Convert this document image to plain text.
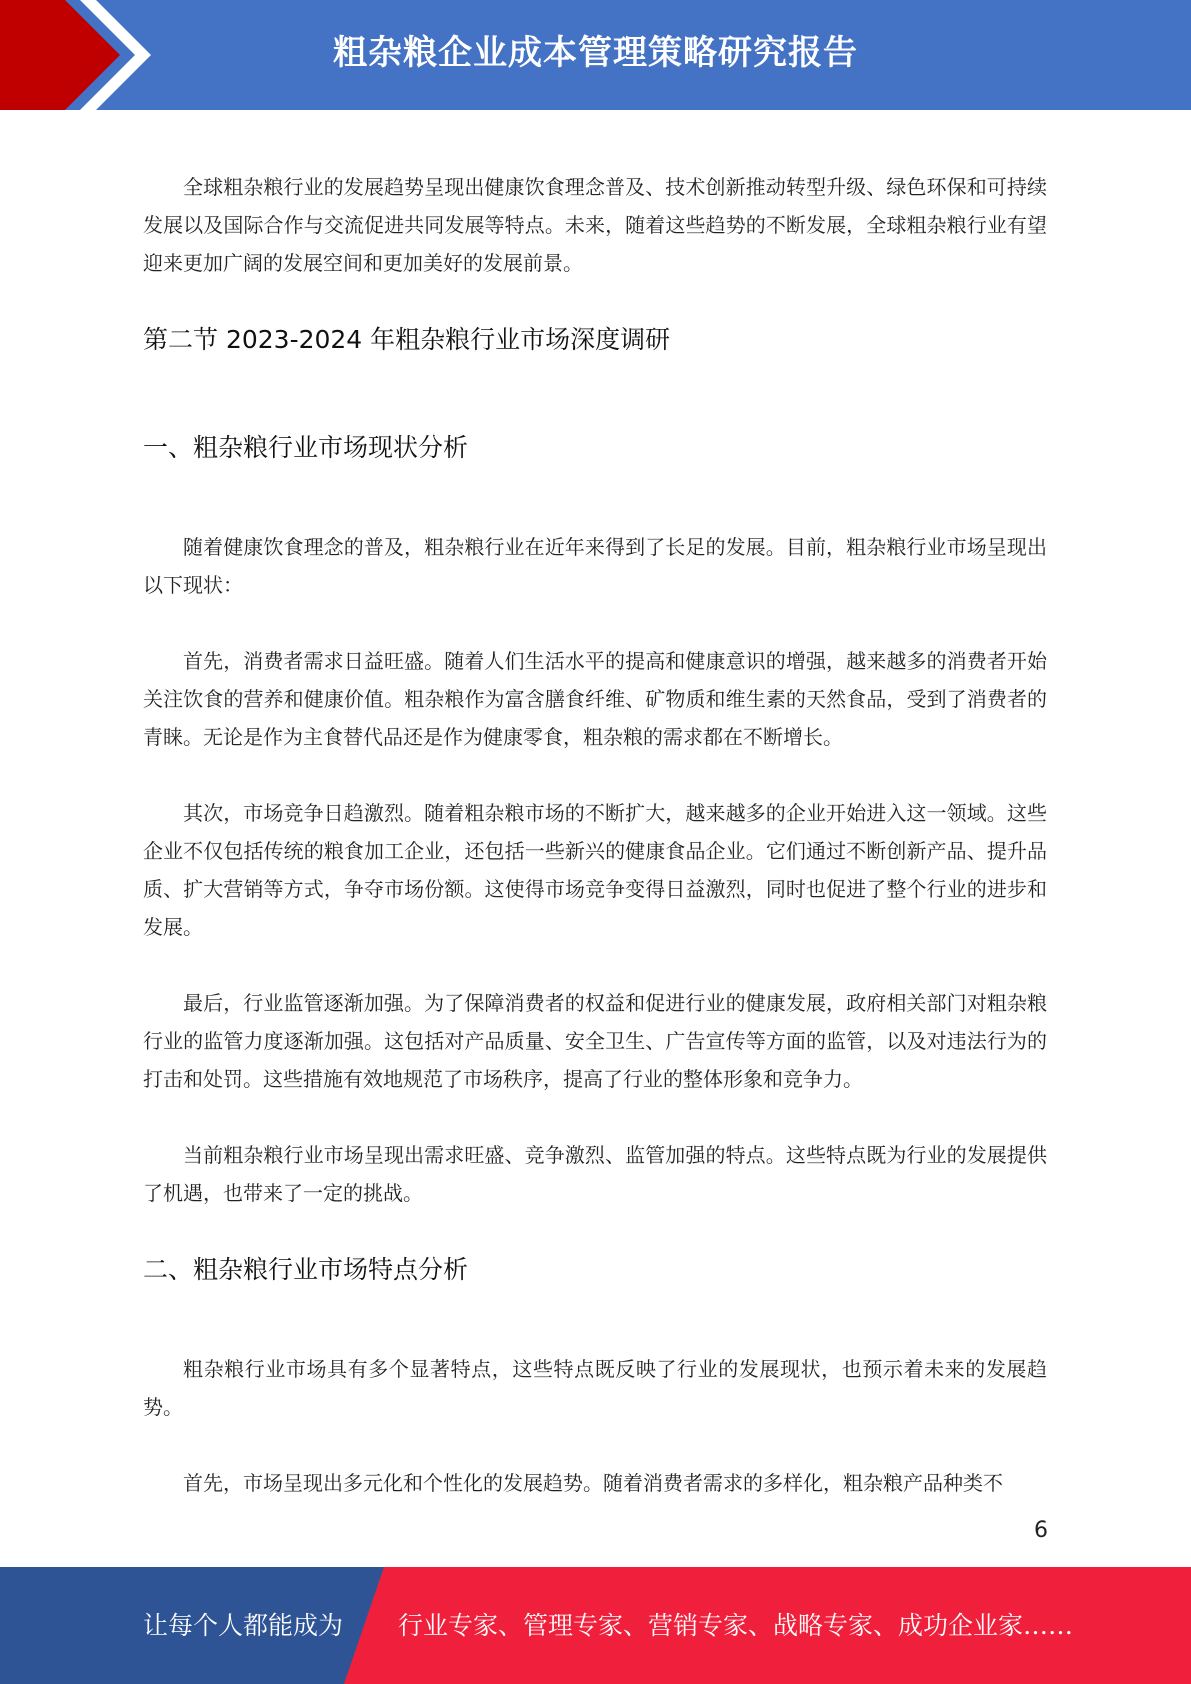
粗杂粮企业成本管理策略研究报告

全球粗杂粮行业的发展趋势呈现出健康饮食理念普及、技术创新推动转型升级、绿色环保和可持续发展以及国际合作与交流促进共同发展等特点。未来，随着这些趋势的不断发展，全球粗杂粮行业有望迎来更加广阔的发展空间和更加美好的发展前景。

第二节 2023-2024 年粗杂粮行业市场深度调研
一、粗杂粮行业市场现状分析

随着健康饮食理念的普及，粗杂粮行业在近年来得到了长足的发展。目前，粗杂粮行业市场呈现出以下现状：

首先，消费者需求日益旺盛。随着人们生活水平的提高和健康意识的增强，越来越多的消费者开始关注饮食的营养和健康价值。粗杂粮作为富含膳食纤维、矿物质和维生素的天然食品，受到了消费者的青睐。无论是作为主食替代品还是作为健康零食，粗杂粮的需求都在不断增长。

其次，市场竞争日趋激烈。随着粗杂粮市场的不断扩大，越来越多的企业开始进入这一领域。这些企业不仅包括传统的粮食加工企业，还包括一些新兴的健康食品企业。它们通过不断创新产品、提升品质、扩大营销等方式，争夺市场份额。这使得市场竞争变得日益激烈，同时也促进了整个行业的进步和发展。

最后，行业监管逐渐加强。为了保障消费者的权益和促进行业的健康发展，政府相关部门对粗杂粮行业的监管力度逐渐加强。这包括对产品质量、安全卫生、广告宣传等方面的监管，以及对违法行为的打击和处罚。这些措施有效地规范了市场秩序，提高了行业的整体形象和竞争力。

当前粗杂粮行业市场呈现出需求旺盛、竞争激烈、监管加强的特点。这些特点既为行业的发展提供了机遇，也带来了一定的挑战。

二、粗杂粮行业市场特点分析

粗杂粮行业市场具有多个显著特点，这些特点既反映了行业的发展现状，也预示着未来的发展趋势。

首先，市场呈现出多元化和个性化的发展趋势。随着消费者需求的多样化，粗杂粮产品种类不

6
让每个人都能成为 行业专家、管理专家、营销专家、战略专家、成功企业家……
